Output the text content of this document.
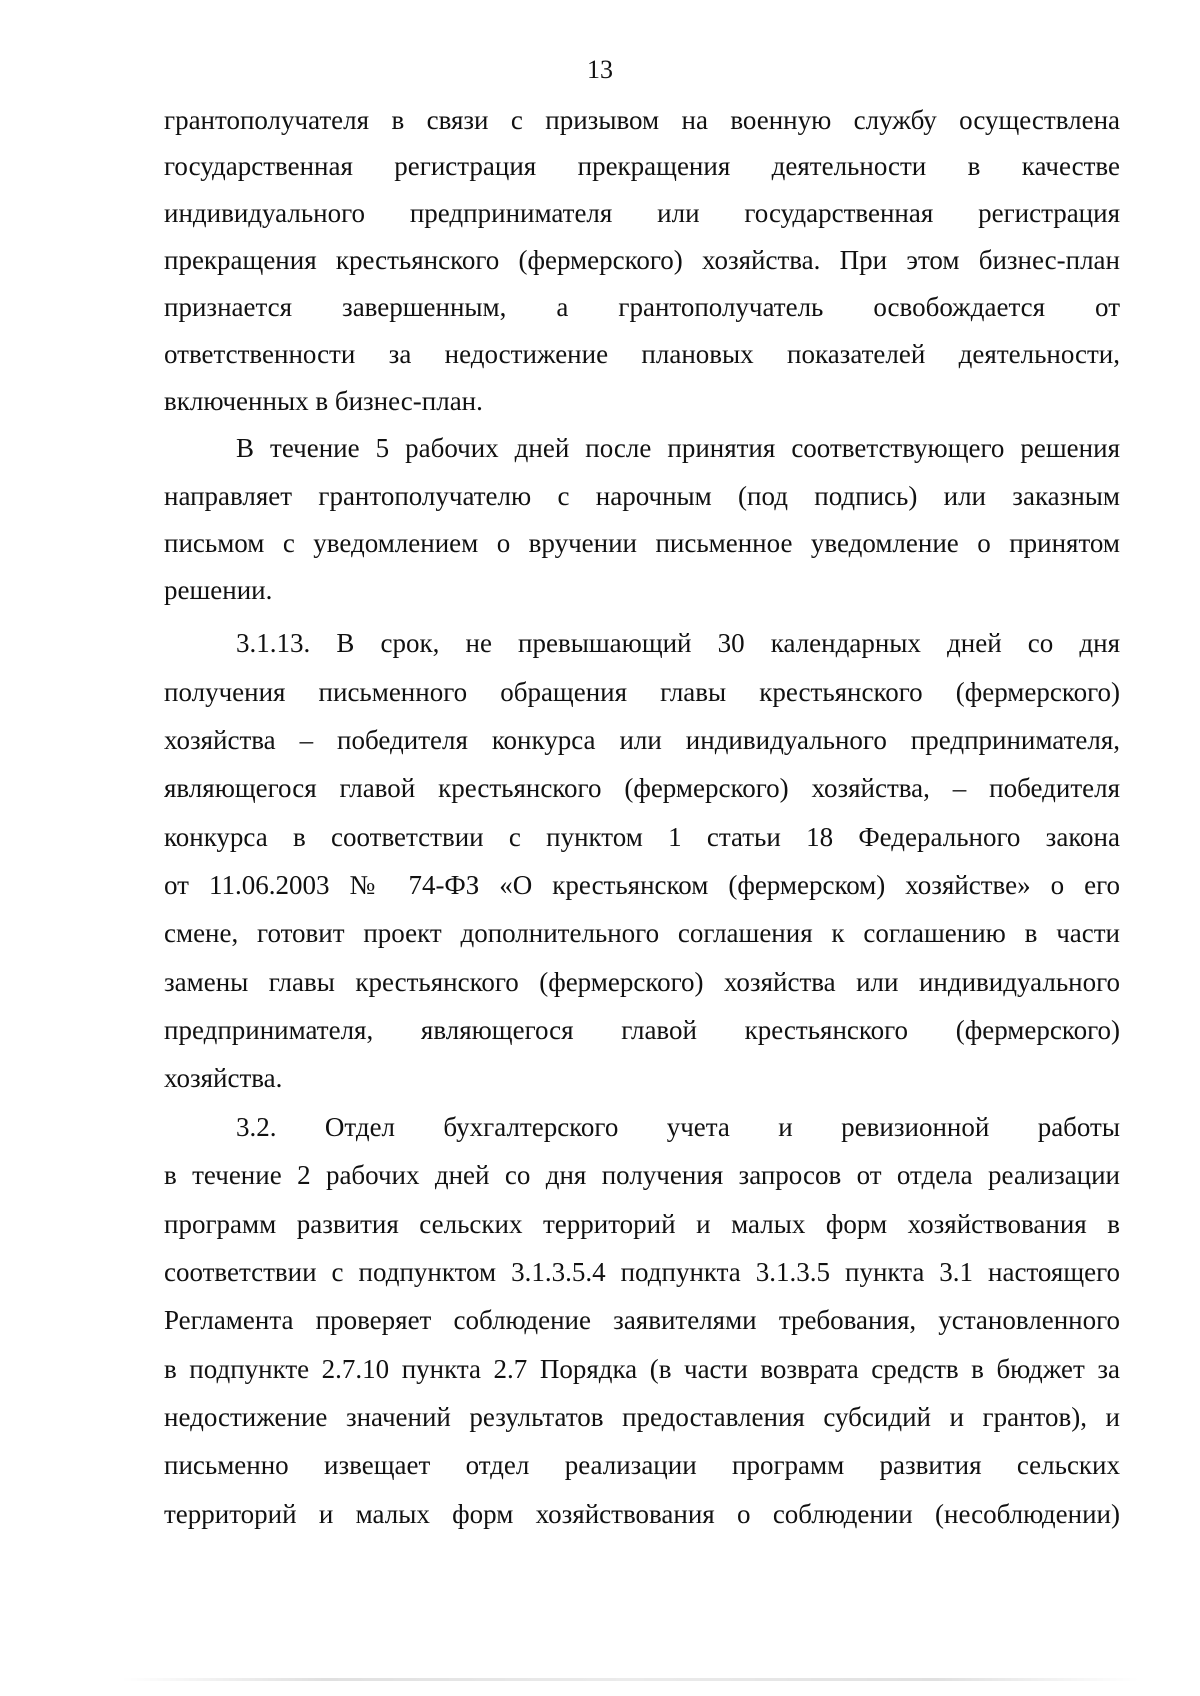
13
грантополучателя в связи с призывом на военную службу осуществлена
государственная регистрация прекращения деятельности в качестве
индивидуального предпринимателя или государственная регистрация
прекращения крестьянского (фермерского) хозяйства. При этом бизнес-план
признается завершенным, а грантополучатель освобождается от
ответственности за недостижение плановых показателей деятельности,
включенных в бизнес-план.
В течение 5 рабочих дней после принятия соответствующего решения
направляет грантополучателю с нарочным (под подпись) или заказным
письмом с уведомлением о вручении письменное уведомление о принятом
решении.
3.1.13. В срок, не превышающий 30 календарных дней со дня
получения письменного обращения главы крестьянского (фермерского)
хозяйства – победителя конкурса или индивидуального предпринимателя,
являющегося главой крестьянского (фермерского) хозяйства, – победителя
конкурса в соответствии с пунктом 1 статьи 18 Федерального закона
от 11.06.2003 № 74-ФЗ «О крестьянском (фермерском) хозяйстве» о его
смене, готовит проект дополнительного соглашения к соглашению в части
замены главы крестьянского (фермерского) хозяйства или индивидуального
предпринимателя, являющегося главой крестьянского (фермерского)
хозяйства.
3.2. Отдел бухгалтерского учета и ревизионной работы
в течение 2 рабочих дней со дня получения запросов от отдела реализации
программ развития сельских территорий и малых форм хозяйствования в
соответствии с подпунктом 3.1.3.5.4 подпункта 3.1.3.5 пункта 3.1 настоящего
Регламента проверяет соблюдение заявителями требования, установленного
в подпункте 2.7.10 пункта 2.7 Порядка (в части возврата средств в бюджет за
недостижение значений результатов предоставления субсидий и грантов), и
письменно извещает отдел реализации программ развития сельских
территорий и малых форм хозяйствования о соблюдении (несоблюдении)
